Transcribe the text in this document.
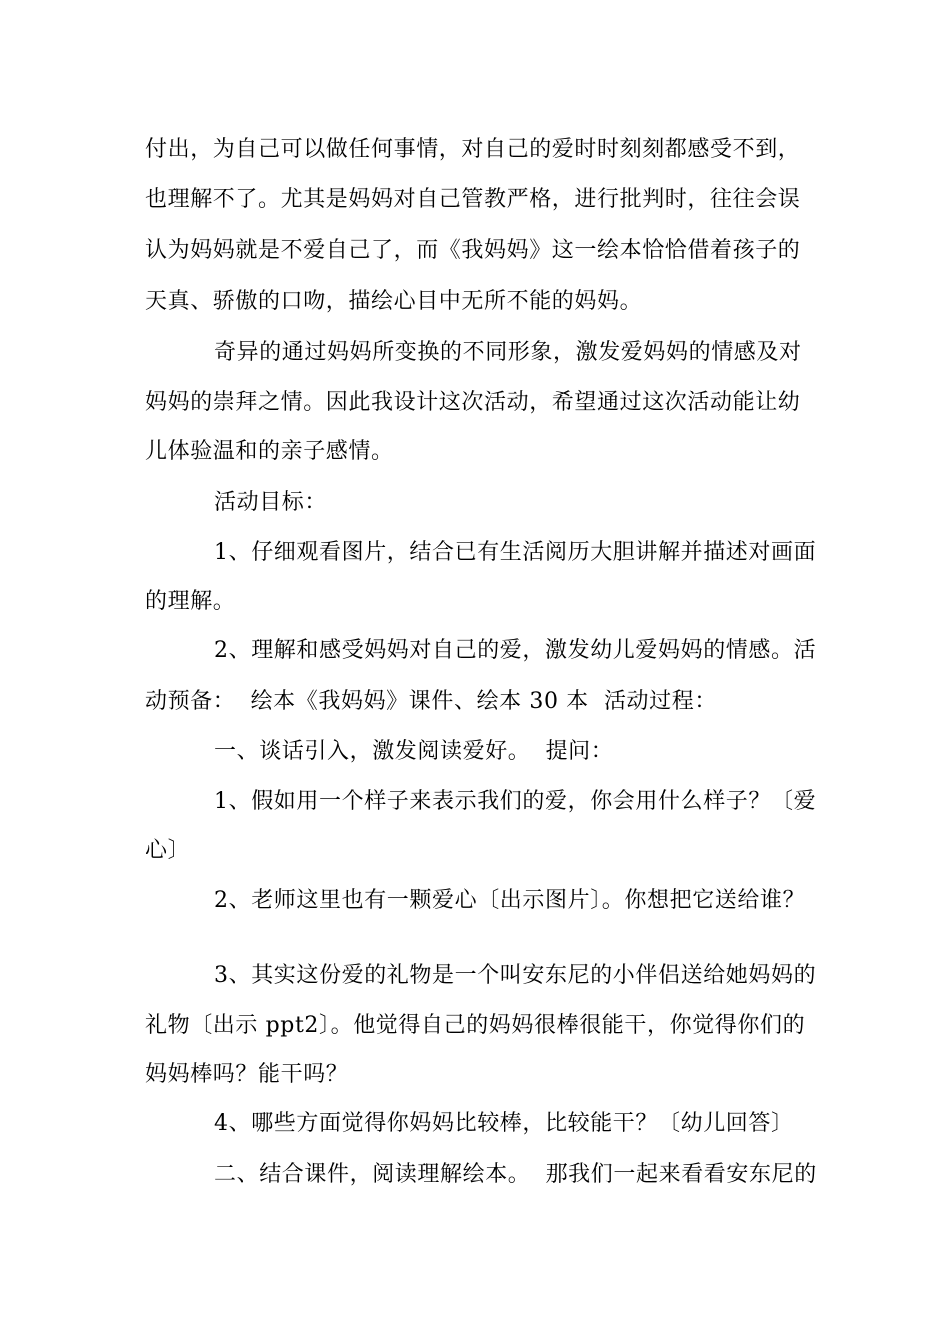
付出，为自己可以做任何事情，对自己的爱时时刻刻都感受不到，
也理解不了。尤其是妈妈对自己管教严格，进行批判时，往往会误
认为妈妈就是不爱自己了，而《我妈妈》这一绘本恰恰借着孩子的
天真、骄傲的口吻，描绘心目中无所不能的妈妈。
奇异的通过妈妈所变换的不同形象，激发爱妈妈的情感及对
妈妈的崇拜之情。因此我设计这次活动，希望通过这次活动能让幼
儿体验温和的亲子感情。
活动目标：
1、仔细观看图片，结合已有生活阅历大胆讲解并描述对画面
的理解。
2、理解和感受妈妈对自己的爱，激发幼儿爱妈妈的情感。活
动预备：  绘本《我妈妈》课件、绘本 30 本  活动过程：
一、谈话引入，激发阅读爱好。  提问：
1、假如用一个样子来表示我们的爱，你会用什么样子？〔爱
心〕
2、老师这里也有一颗爱心〔出示图片〕。你想把它送给谁？
3、其实这份爱的礼物是一个叫安东尼的小伴侣送给她妈妈的
礼物〔出示 ppt2〕。他觉得自己的妈妈很棒很能干，你觉得你们的
妈妈棒吗？能干吗？
4、哪些方面觉得你妈妈比较棒，比较能干？〔幼儿回答〕
二、结合课件，阅读理解绘本。  那我们一起来看看安东尼的
